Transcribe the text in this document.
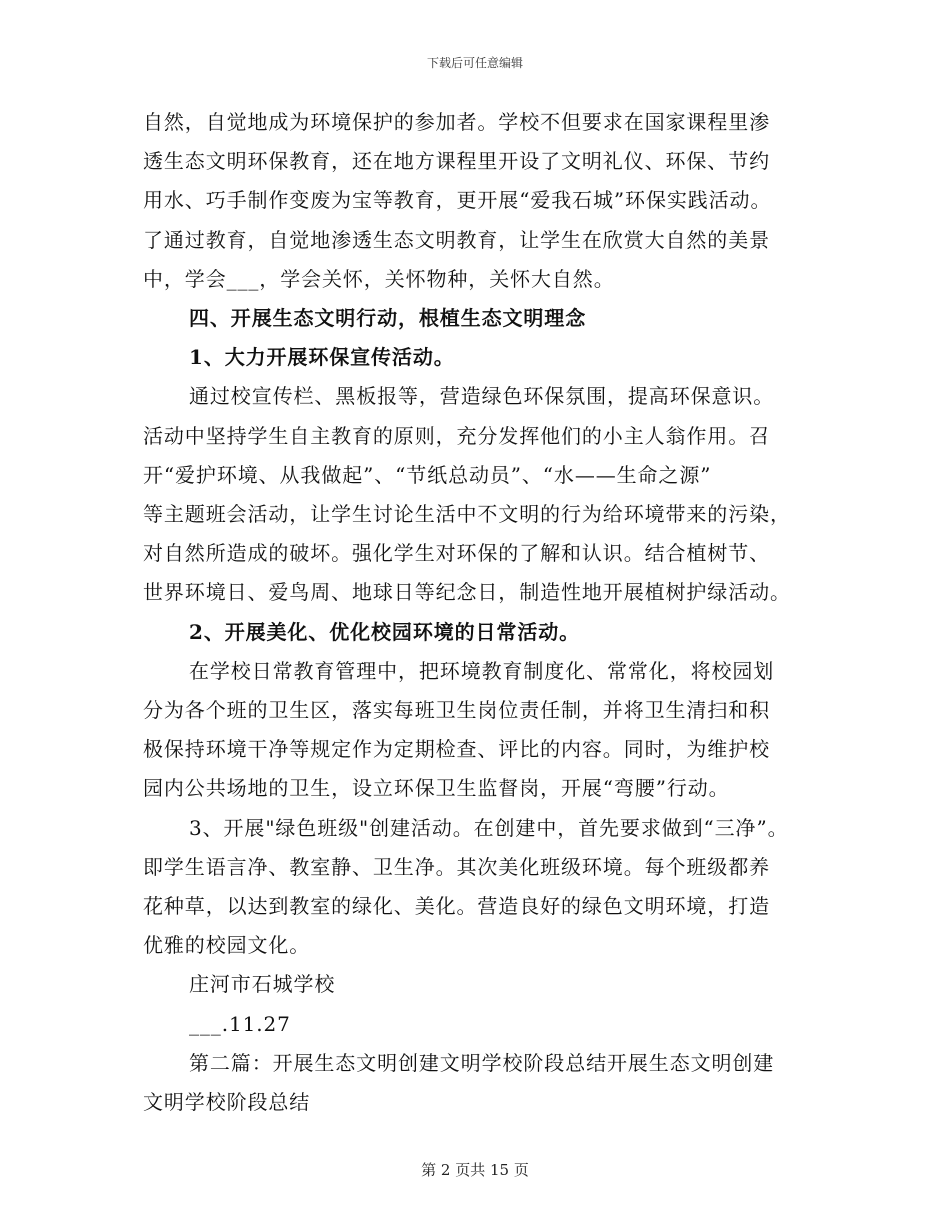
下载后可任意编辑

自然，自觉地成为环境保护的参加者。学校不但要求在国家课程里渗

透生态文明环保教育，还在地方课程里开设了文明礼仪、环保、节约

用水、巧手制作变废为宝等教育，更开展“爱我石城”环保实践活动。

了通过教育，自觉地渗透生态文明教育，让学生在欣赏大自然的美景

中，学会___，学会关怀，关怀物种，关怀大自然。

四、开展生态文明行动，根植生态文明理念

1、大力开展环保宣传活动。

通过校宣传栏、黑板报等，营造绿色环保氛围，提高环保意识。

活动中坚持学生自主教育的原则，充分发挥他们的小主人翁作用。召

开“爱护环境、从我做起”、“节纸总动员”、“水——生命之源”

等主题班会活动，让学生讨论生活中不文明的行为给环境带来的污染，

对自然所造成的破坏。强化学生对环保的了解和认识。结合植树节、

世界环境日、爱鸟周、地球日等纪念日，制造性地开展植树护绿活动。

2、开展美化、优化校园环境的日常活动。

在学校日常教育管理中，把环境教育制度化、常常化，将校园划

分为各个班的卫生区，落实每班卫生岗位责任制，并将卫生清扫和积

极保持环境干净等规定作为定期检查、评比的内容。同时，为维护校

园内公共场地的卫生，设立环保卫生监督岗，开展“弯腰”行动。

3、开展"绿色班级"创建活动。在创建中，首先要求做到“三净”。

即学生语言净、教室静、卫生净。其次美化班级环境。每个班级都养

花种草，以达到教室的绿化、美化。营造良好的绿色文明环境，打造

优雅的校园文化。

庄河市石城学校

___.11.27

第二篇：开展生态文明创建文明学校阶段总结开展生态文明创建

文明学校阶段总结

第 2 页共 15 页
